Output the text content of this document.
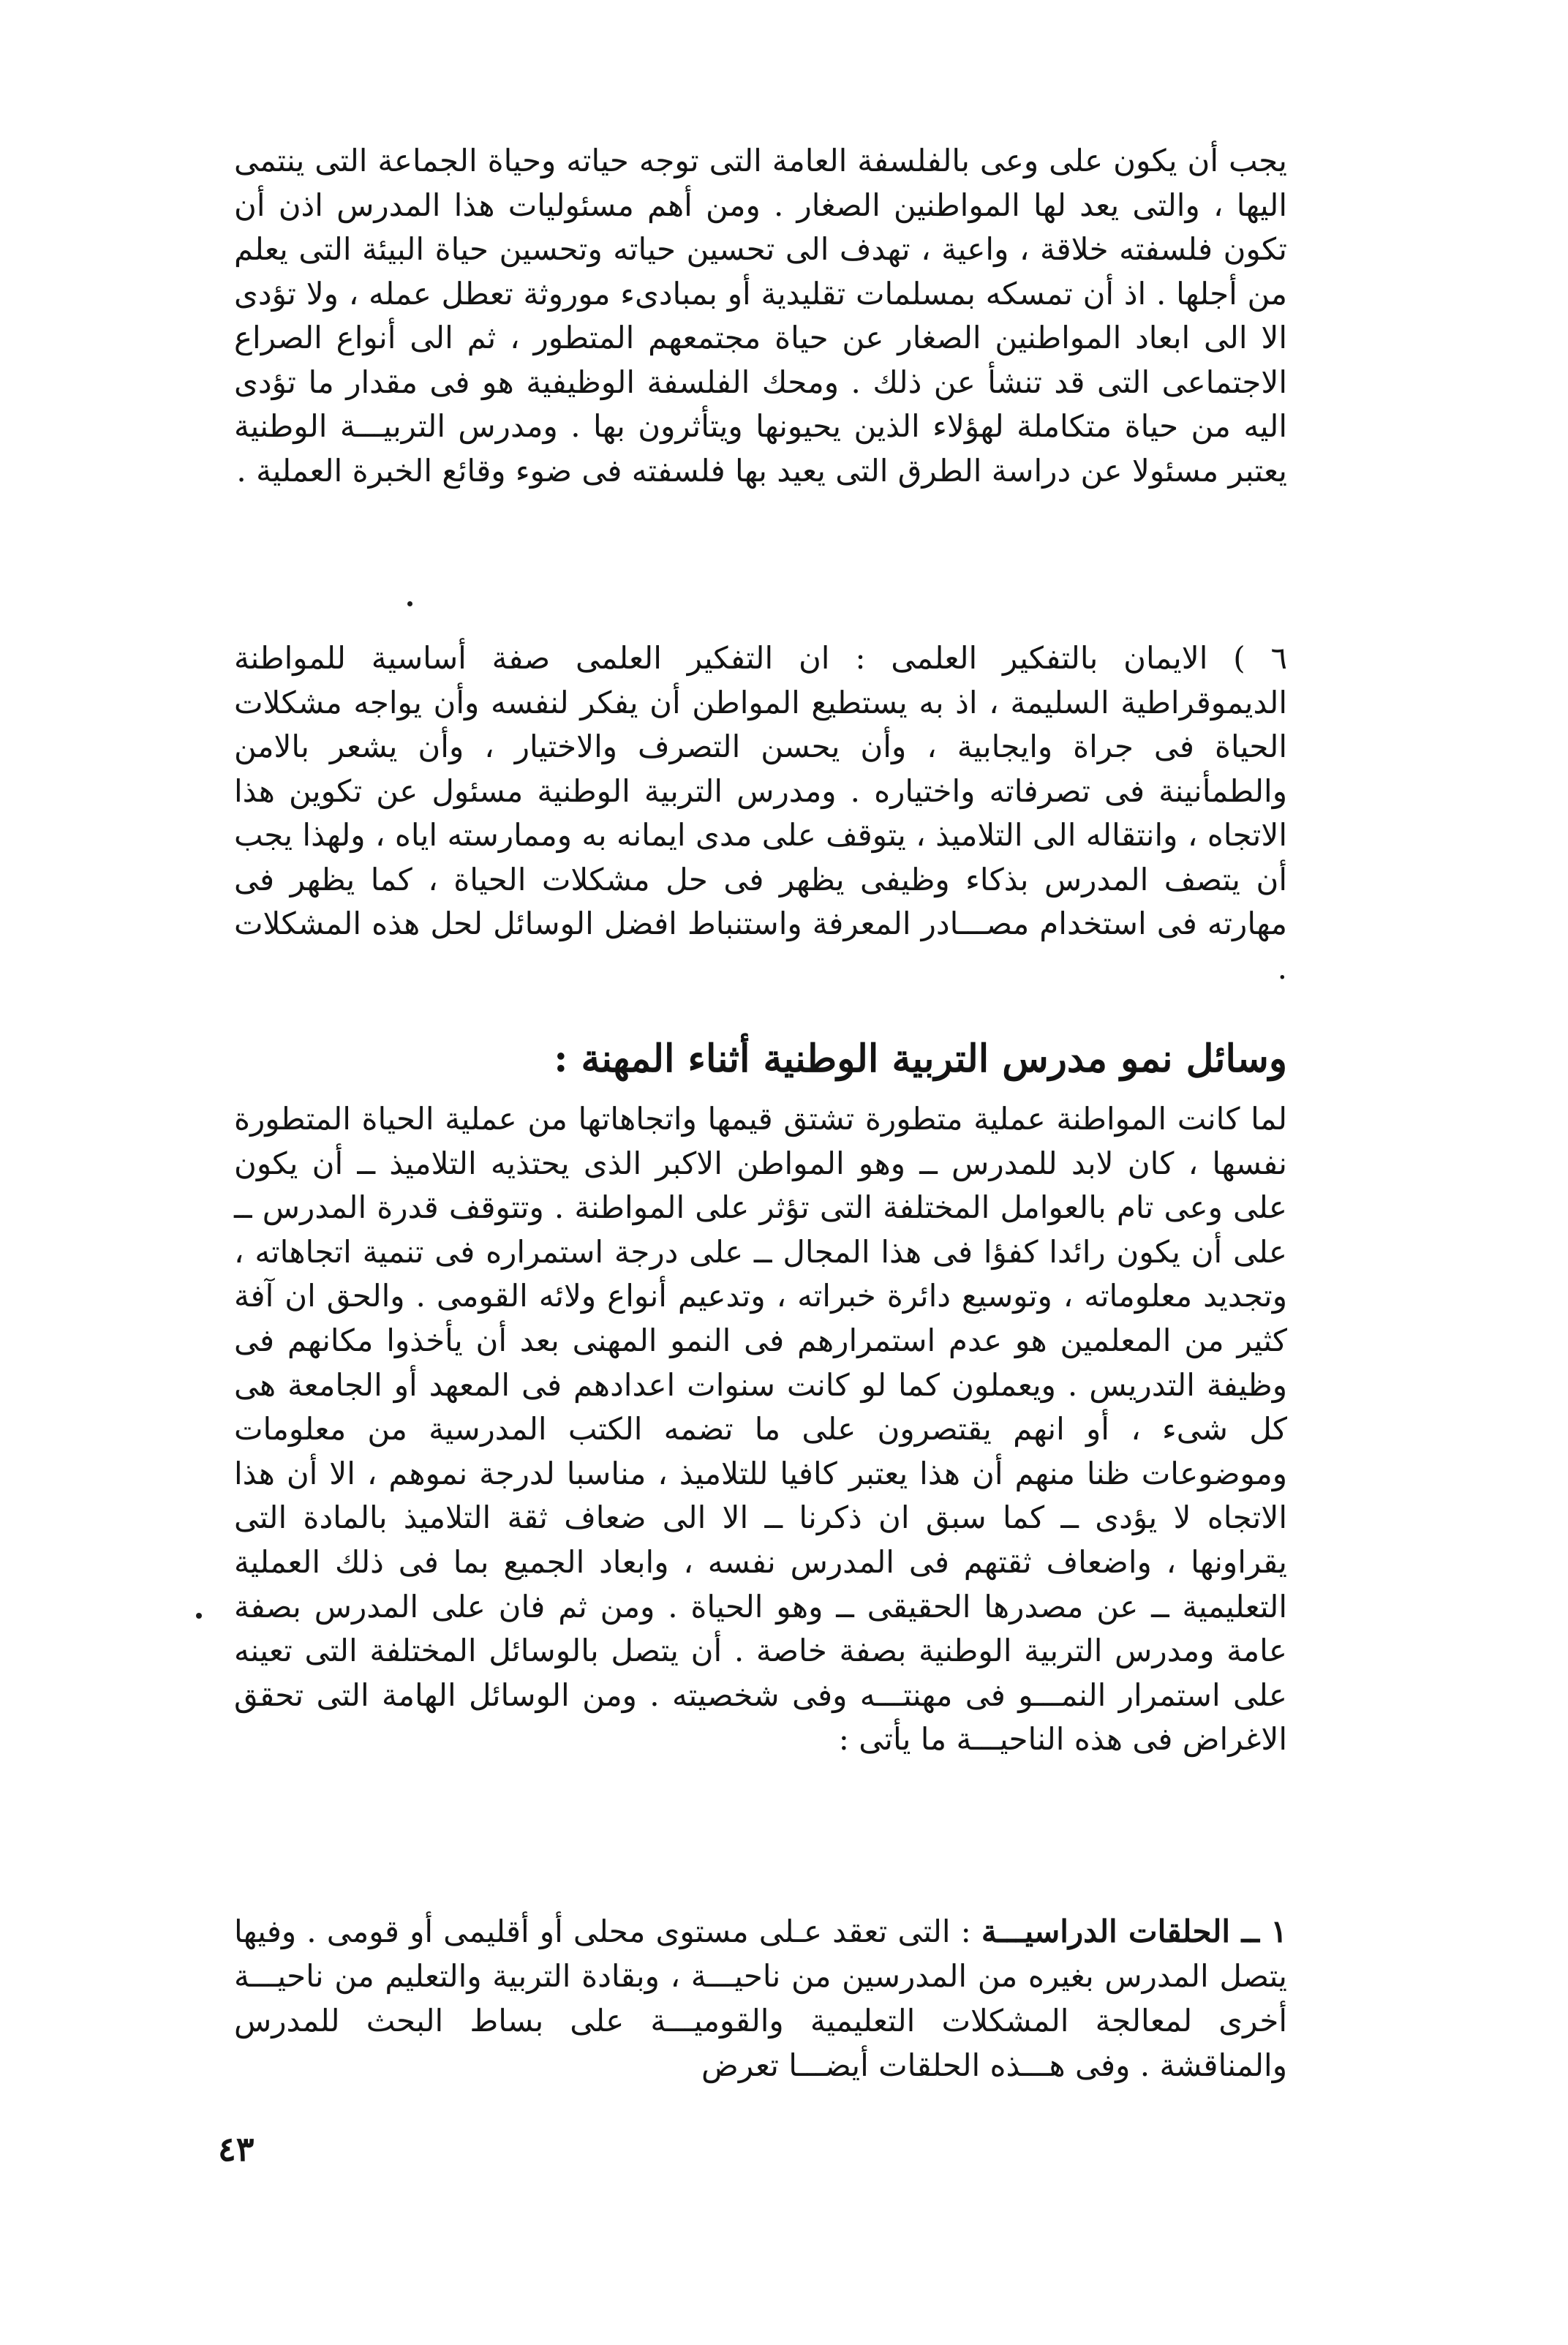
يجب أن يكون على وعى بالفلسفة العامة التى توجه حياته وحياة الجماعة التى ينتمى اليها ، والتى يعد لها المواطنين الصغار . ومن أهم مسئوليات هذا المدرس اذن أن تكون فلسفته خلاقة ، واعية ، تهدف الى تحسين حياته وتحسين حياة البيئة التى يعلم من أجلها . اذ أن تمسكه بمسلمات تقليدية أو بمبادىء موروثة تعطل عمله ، ولا تؤدى الا الى ابعاد المواطنين الصغار عن حياة مجتمعهم المتطور ، ثم الى أنواع الصراع الاجتماعى التى قد تنشأ عن ذلك . ومحك الفلسفة الوظيفية هو فى مقدار ما تؤدى اليه من حياة متكاملة لهؤلاء الذين يحيونها ويتأثرون بها . ومدرس التربيـــة الوطنية يعتبر مسئولا عن دراسة الطرق التى يعيد بها فلسفته فى ضوء وقائع الخبرة العملية .

٦ ) الايمان بالتفكير العلمى : ان التفكير العلمى صفة أساسية للمواطنة الديموقراطية السليمة ، اذ به يستطيع المواطن أن يفكر لنفسه وأن يواجه مشكلات الحياة فى جراة وايجابية ، وأن يحسن التصرف والاختيار ، وأن يشعر بالامن والطمأنينة فى تصرفاته واختياره . ومدرس التربية الوطنية مسئول عن تكوين هذا الاتجاه ، وانتقاله الى التلاميذ ، يتوقف على مدى ايمانه به وممارسته اياه ، ولهذا يجب أن يتصف المدرس بذكاء وظيفى يظهر فى حل مشكلات الحياة ، كما يظهر فى مهارته فى استخدام مصـــادر المعرفة واستنباط افضل الوسائل لحل هذه المشكلات .

وسائل نمو مدرس التربية الوطنية أثناء المهنة :

لما كانت المواطنة عملية متطورة تشتق قيمها واتجاهاتها من عملية الحياة المتطورة نفسها ، كان لابد للمدرس ــ وهو المواطن الاكبر الذى يحتذيه التلاميذ ــ أن يكون على وعى تام بالعوامل المختلفة التى تؤثر على المواطنة . وتتوقف قدرة المدرس ــ على أن يكون رائدا كفؤا فى هذا المجال ــ على درجة استمراره فى تنمية اتجاهاته ، وتجديد معلوماته ، وتوسيع دائرة خبراته ، وتدعيم أنواع ولائه القومى . والحق ان آفة كثير من المعلمين هو عدم استمرارهم فى النمو المهنى بعد أن يأخذوا مكانهم فى وظيفة التدريس . ويعملون كما لو كانت سنوات اعدادهم فى المعهد أو الجامعة هى كل شىء ، أو انهم يقتصرون على ما تضمه الكتب المدرسية من معلومات وموضوعات ظنا منهم أن هذا يعتبر كافيا للتلاميذ ، مناسبا لدرجة نموهم ، الا أن هذا الاتجاه لا يؤدى ــ كما سبق ان ذكرنا ــ الا الى ضعاف ثقة التلاميذ بالمادة التى يقراونها ، واضعاف ثقتهم فى المدرس نفسه ، وابعاد الجميع بما فى ذلك العملية التعليمية ــ عن مصدرها الحقيقى ــ وهو الحياة . ومن ثم فان على المدرس بصفة عامة ومدرس التربية الوطنية بصفة خاصة . أن يتصل بالوسائل المختلفة التى تعينه على استمرار النمـــو فى مهنتـــه وفى شخصيته . ومن الوسائل الهامة التى تحقق الاغراض فى هذه الناحيـــة ما يأتى :

١ ــ الحلقات الدراسيـــة : التى تعقد عـلى مستوى محلى أو أقليمى أو قومى . وفيها يتصل المدرس بغيره من المدرسين من ناحيـــة ، وبقادة التربية والتعليم من ناحيـــة أخرى لمعالجة المشكلات التعليمية والقوميـــة على بساط البحث للمدرس والمناقشة . وفى هـــذه الحلقات أيضـــا تعرض

٤٣
